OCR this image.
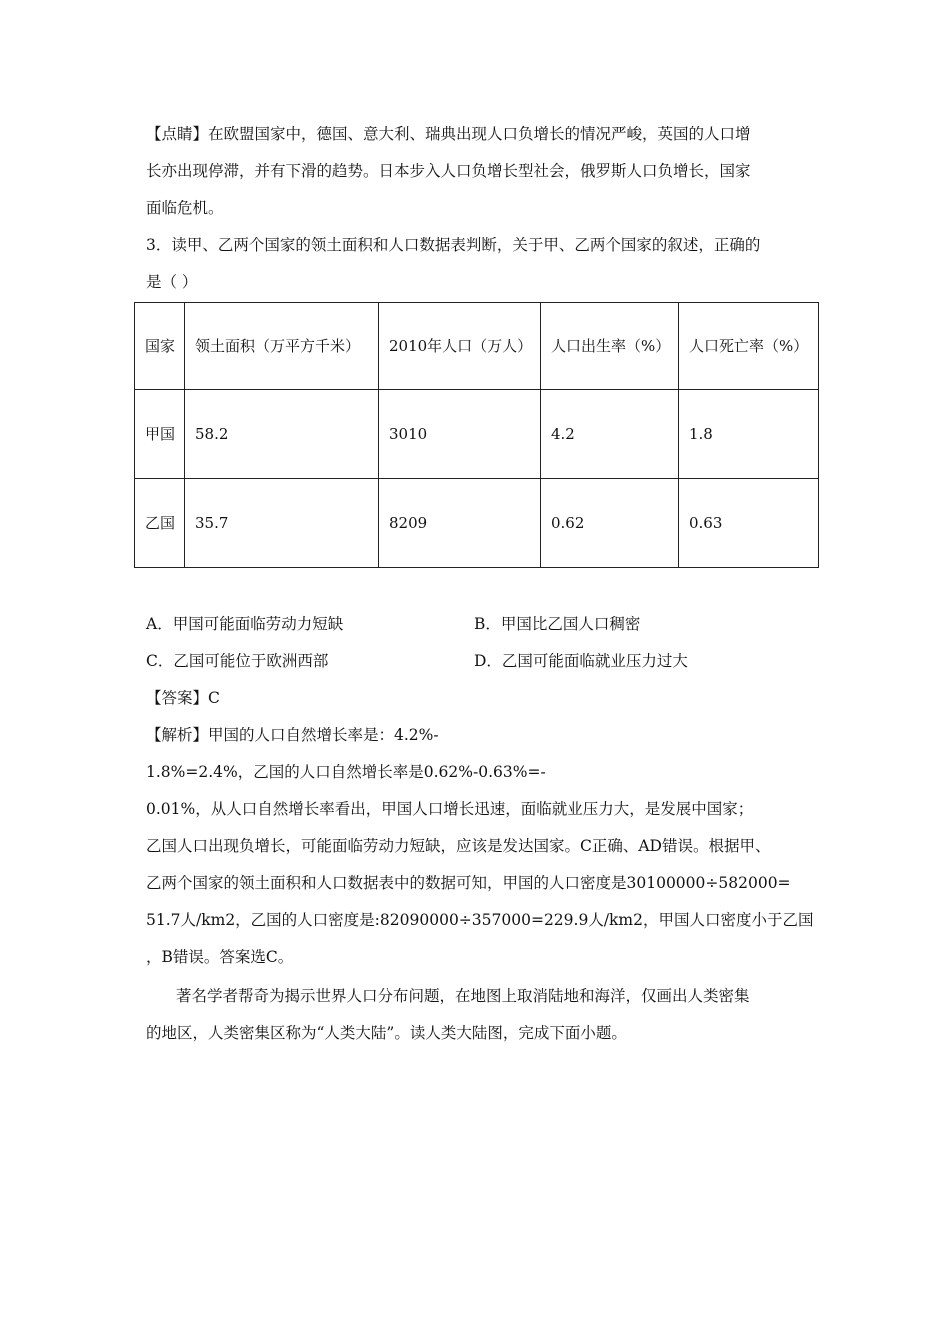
【点睛】在欧盟国家中，德国、意大利、瑞典出现人口负增长的情况严峻，英国的人口增
长亦出现停滞，并有下滑的趋势。日本步入人口负增长型社会，俄罗斯人口负增长，国家
面临危机。
3．读甲、乙两个国家的领土面积和人口数据表判断，关于甲、乙两个国家的叙述，正确的
是（ ）
国家	领土面积（万平方千米）	2010年人口（万人）	人口出生率（%）	人口死亡率（%）
甲国	58.2	3010	4.2	1.8
乙国	35.7	8209	0.62	0.63
A．甲国可能面临劳动力短缺	B．甲国比乙国人口稠密
C．乙国可能位于欧洲西部	D．乙国可能面临就业压力过大
【答案】C
【解析】甲国的人口自然增长率是：4.2%-
1.8%=2.4%，乙国的人口自然增长率是0.62%-0.63%=-
0.01%，从人口自然增长率看出，甲国人口增长迅速，面临就业压力大，是发展中国家；
乙国人口出现负增长，可能面临劳动力短缺，应该是发达国家。C正确、AD错误。根据甲、
乙两个国家的领土面积和人口数据表中的数据可知，甲国的人口密度是30100000÷582000=
51.7人/km2，乙国的人口密度是:82090000÷357000=229.9人/km2，甲国人口密度小于乙国
，B错误。答案选C。
著名学者帮奇为揭示世界人口分布问题，在地图上取消陆地和海洋，仅画出人类密集
的地区，人类密集区称为“人类大陆”。读人类大陆图，完成下面小题。
